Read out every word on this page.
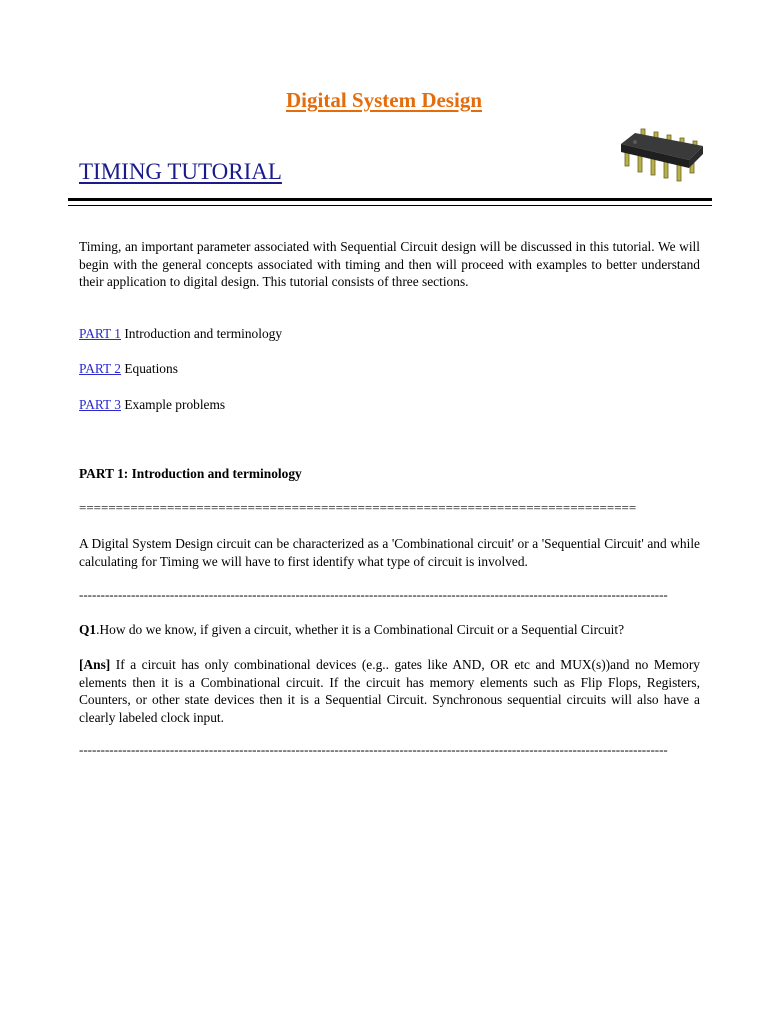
Digital System Design
TIMING TUTORIAL

Timing, an important parameter associated with Sequential Circuit design will be discussed in this tutorial. We will begin with the general concepts associated with timing and then will proceed with examples to better understand their application to digital design. This tutorial consists of three sections.

PART 1 Introduction and terminology
PART 2 Equations
PART 3 Example problems
PART 1: Introduction and terminology
============================================================================

A Digital System Design circuit can be characterized as a 'Combinational circuit' or a 'Sequential Circuit' and while calculating for Timing we will have to first identify what type of circuit is involved.

----------------------------------------------------------------------------------------------------------------------------------------

Q1.How do we know, if given a circuit, whether it is a Combinational Circuit or a Sequential Circuit?

[Ans] If a circuit has only combinational devices (e.g.. gates like AND, OR etc and MUX(s))and no Memory elements then it is a Combinational circuit. If the circuit has memory elements such as Flip Flops, Registers, Counters, or other state devices then it is a Sequential Circuit. Synchronous sequential circuits will also have a clearly labeled clock input.

----------------------------------------------------------------------------------------------------------------------------------------
